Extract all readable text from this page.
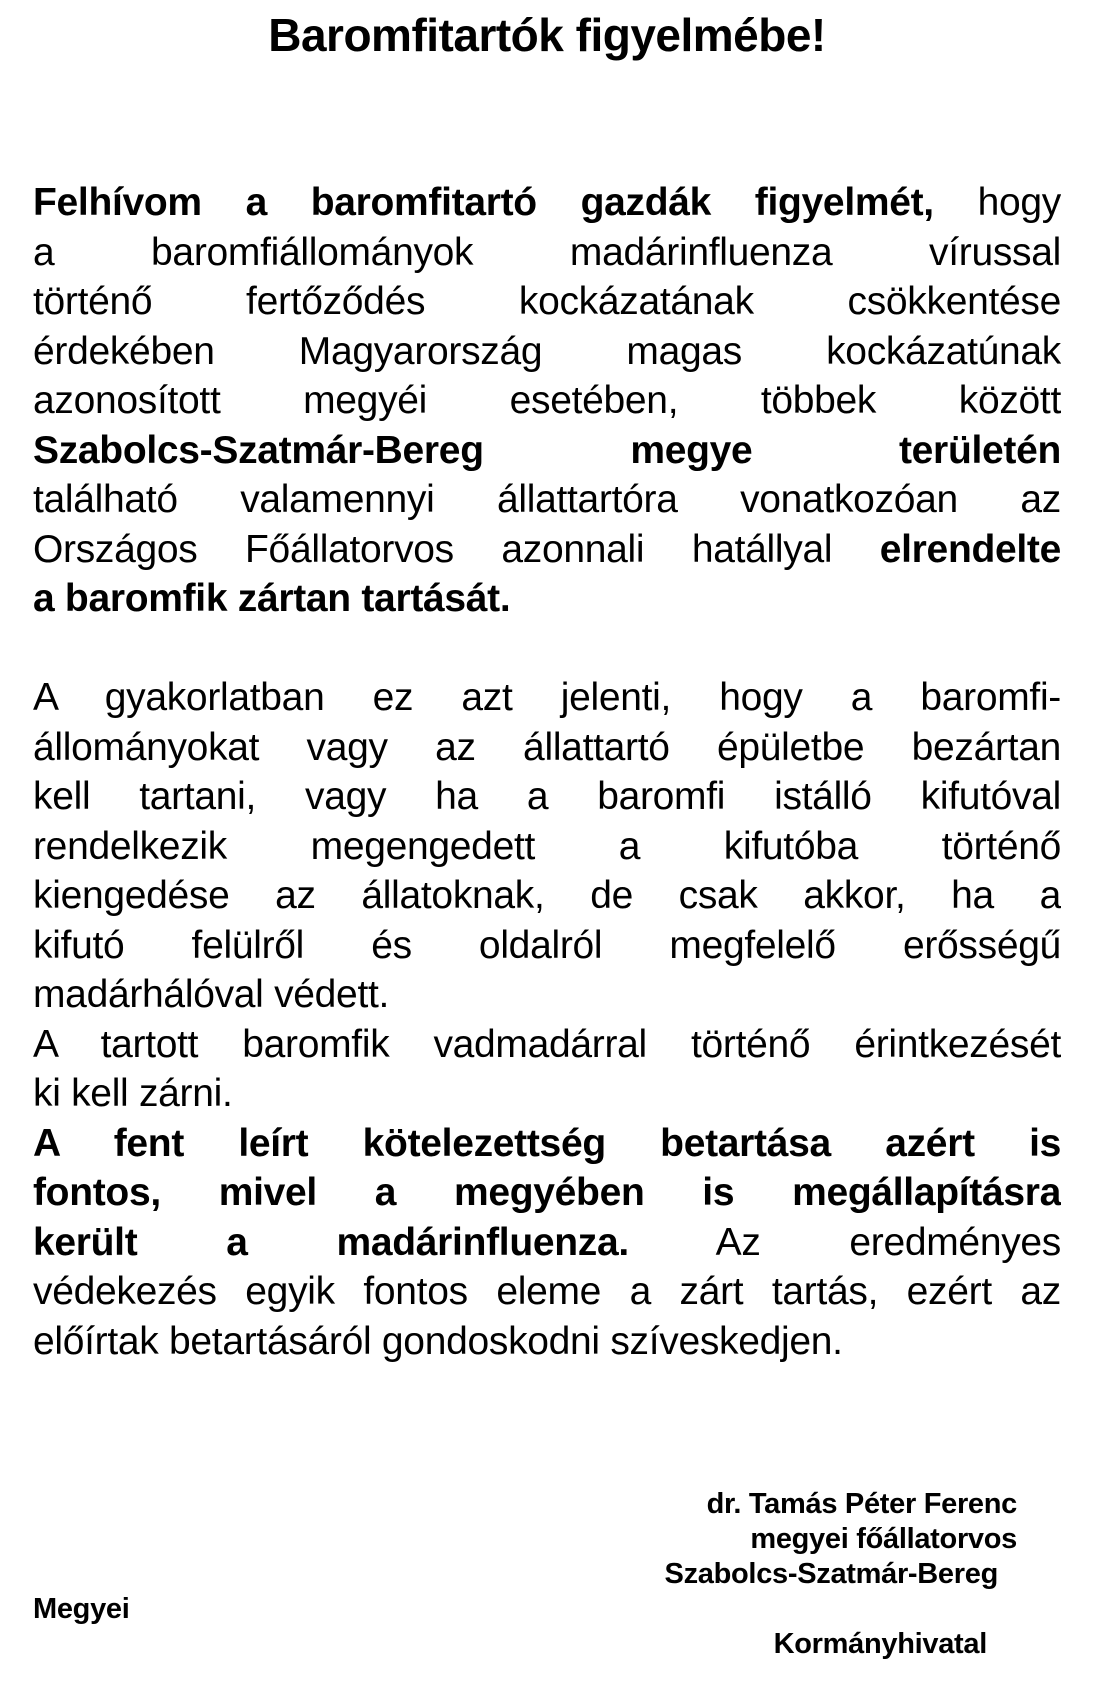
Baromfitartók figyelmébe!
Felhívom a baromfitartó gazdák figyelmét, hogy
a baromfiállományok madárinfluenza vírussal
történő fertőződés kockázatának csökkentése
érdekében Magyarország magas kockázatúnak
azonosított megyéi esetében, többek között
Szabolcs-Szatmár-Bereg megye területén
található valamennyi állattartóra vonatkozóan az
Országos Főállatorvos azonnali hatállyal elrendelte
a baromfik zártan tartását.
A gyakorlatban ez azt jelenti, hogy a baromfi-
állományokat vagy az állattartó épületbe bezártan
kell tartani, vagy ha a baromfi istálló kifutóval
rendelkezik megengedett a kifutóba történő
kiengedése az állatoknak, de csak akkor, ha a
kifutó felülről és oldalról megfelelő erősségű
madárhálóval védett.
A tartott baromfik vadmadárral történő érintkezését
ki kell zárni.
A fent leírt kötelezettség betartása azért is
fontos, mivel a megyében is megállapításra
került a madárinfluenza. Az eredményes
védekezés egyik fontos eleme a zárt tartás, ezért az
előírtak betartásáról gondoskodni szíveskedjen.
dr. Tamás Péter Ferenc
megyei főállatorvos
Szabolcs-Szatmár-Bereg
Megyei
Kormányhivatal
